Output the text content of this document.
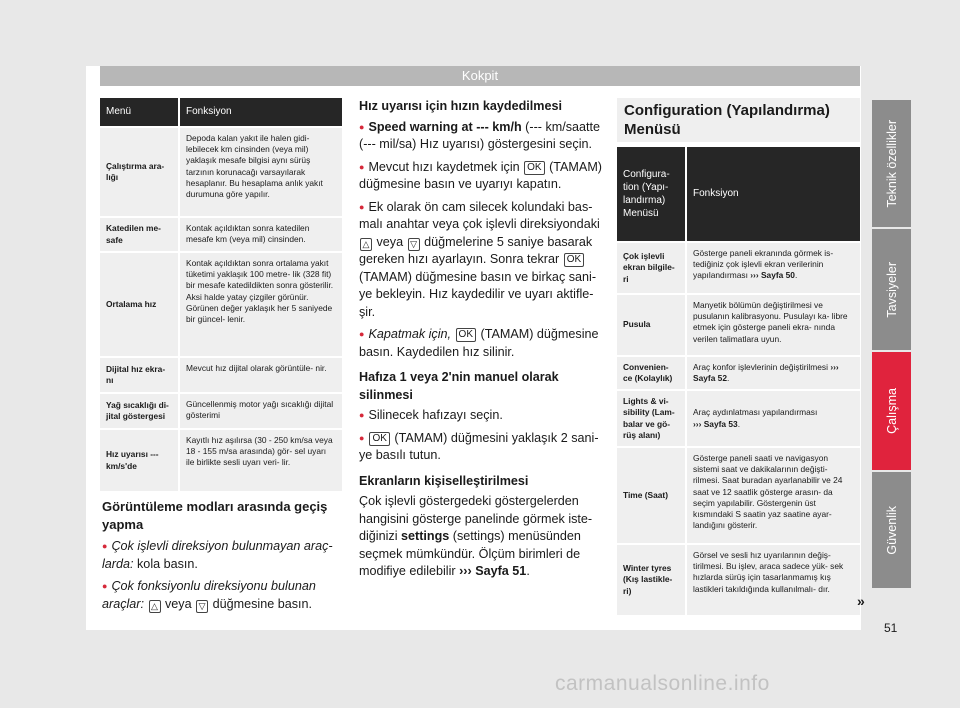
Kokpit
Menü	Fonksiyon
Çalıştırma ara- lığı
Depoda kalan yakıt ile halen gidi- lebilecek km cinsinden (veya mil) yaklaşık mesafe bilgisi aynı sürüş tarzının korunacağı varsayılarak hesaplanır. Bu hesaplama anlık yakıt durumuna göre yapılır.
Katedilen me- safe
Kontak açıldıktan sonra katedilen mesafe km (veya mil) cinsinden.
Ortalama hız
Kontak açıldıktan sonra ortalama yakıt tüketimi yaklaşık 100 metre- lik (328 fit) bir mesafe katedildikten sonra gösterilir. Aksi halde yatay çizgiler görünür. Görünen değer yaklaşık her 5 saniyede bir güncel- lenir.
Dijital hız ekra- nı
Mevcut hız dijital olarak görüntüle- nir.
Yağ sıcaklığı di- jital göstergesi
Güncellenmiş motor yağı sıcaklığı dijital gösterimi
Hız uyarısı --- km/s'de
Kayıtlı hız aşılırsa (30 - 250 km/sa veya 18 - 155 m/sa arasında) gör- sel uyarı ile birlikte sesli uyarı veri- lir.
Görüntüleme modları arasında geçiş yapma

● Çok işlevli direksiyon bulunmayan araç- larda: kola basın.

● Çok fonksiyonlu direksiyonu bulunan araçlar: △ veya ▽ düğmesine basın.

Hız uyarısı için hızın kaydedilmesi

● Speed warning at --- km/h (--- km/saatte (--- mil/sa) Hız uyarısı) göstergesini seçin.

● Mevcut hızı kaydetmek için OK (TAMAM) düğmesine basın ve uyarıyı kapatın.

● Ek olarak ön cam silecek kolundaki bas- malı anahtar veya çok işlevli direksiyondaki △ veya ▽ düğmelerine 5 saniye basarak gereken hızı ayarlayın. Sonra tekrar OK (TAMAM) düğmesine basın ve birkaç sani- ye bekleyin. Hız kaydedilir ve uyarı aktifle- şir.

● Kapatmak için, OK (TAMAM) düğmesine basın. Kaydedilen hız silinir.

Hafıza 1 veya 2'nin manuel olarak silinmesi

● Silinecek hafızayı seçin.

● OK (TAMAM) düğmesini yaklaşık 2 sani- ye basılı tutun.

Ekranların kişiselleştirilmesi

Çok işlevli göstergedeki göstergelerden hangisini gösterge panelinde görmek iste- diğinizi settings (settings) menüsünden seçmek mümkündür. Ölçüm birimleri de modifiye edilebilir ››› Sayfa 51.

Configuration (Yapılandırma) Menüsü
Configura- tion (Yapı- landırma) Menüsü
Fonksiyon
Çok işlevli ekran bilgile- ri
Gösterge paneli ekranında görmek is- tediğiniz çok işlevli ekran verilerinin yapılandırması ››› Sayfa 50.
Pusula
Manyetik bölümün değiştirilmesi ve pusulanın kalibrasyonu. Pusulayı ka- libre etmek için gösterge paneli ekra- nında verilen talimatlara uyun.
Convenien- ce (Kolaylık)
Araç konfor işlevlerinin değiştirilmesi ››› Sayfa 52.
Lights & vi- sibility (Lam- balar ve gö- rüş alanı)
Araç aydınlatması yapılandırması
››› Sayfa 53.
Time (Saat)
Gösterge paneli saati ve navigasyon sistemi saat ve dakikalarının değişti- rilmesi. Saat buradan ayarlanabilir ve 24 saat ve 12 saatlik gösterge arasın- da seçim yapılabilir. Göstergenin üst kısmındaki S saatin yaz saatine ayar- landığını gösterir.
Winter tyres (Kış lastikle- ri)
Görsel ve sesli hız uyarılarının değiş- tirilmesi. Bu işlev, araca sadece yük- sek hızlarda sürüş için tasarlanmamış kış lastikleri takıldığında kullanılmalı- dır.
Teknik özellikler
Tavsiyeler
Çalışma
Güvenlik
»
51
carmanualsonline.info
